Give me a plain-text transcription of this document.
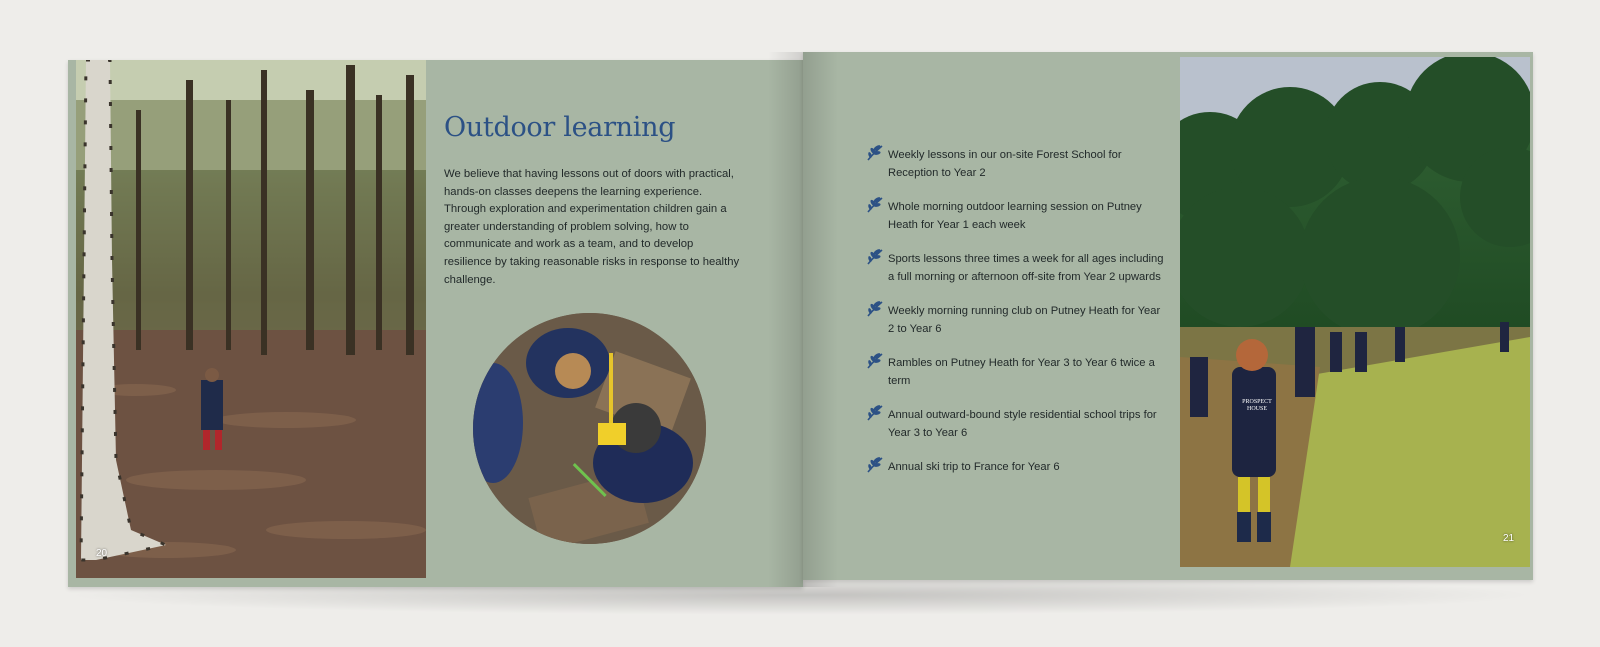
PROSPECT HOUSE
21
Outdoor learning

We believe that having lessons out of doors with practical, hands-on classes deepens the learning experience. Through exploration and experimentation children gain a greater understanding of problem solving, how to communicate and work as a team, and to develop resilience by taking reasonable risks in response to healthy challenge.

20
Weekly lessons in our on-site Forest School for Reception to Year 2
Whole morning outdoor learning session on Putney Heath for Year 1 each week
Sports lessons three times a week for all ages including a full morning or afternoon off-site from Year 2 upwards
Weekly morning running club on Putney Heath for Year 2 to Year 6
Rambles on Putney Heath for Year 3 to Year 6 twice a term
Annual outward-bound style residential school trips for Year 3 to Year 6
Annual ski trip to France for Year 6
